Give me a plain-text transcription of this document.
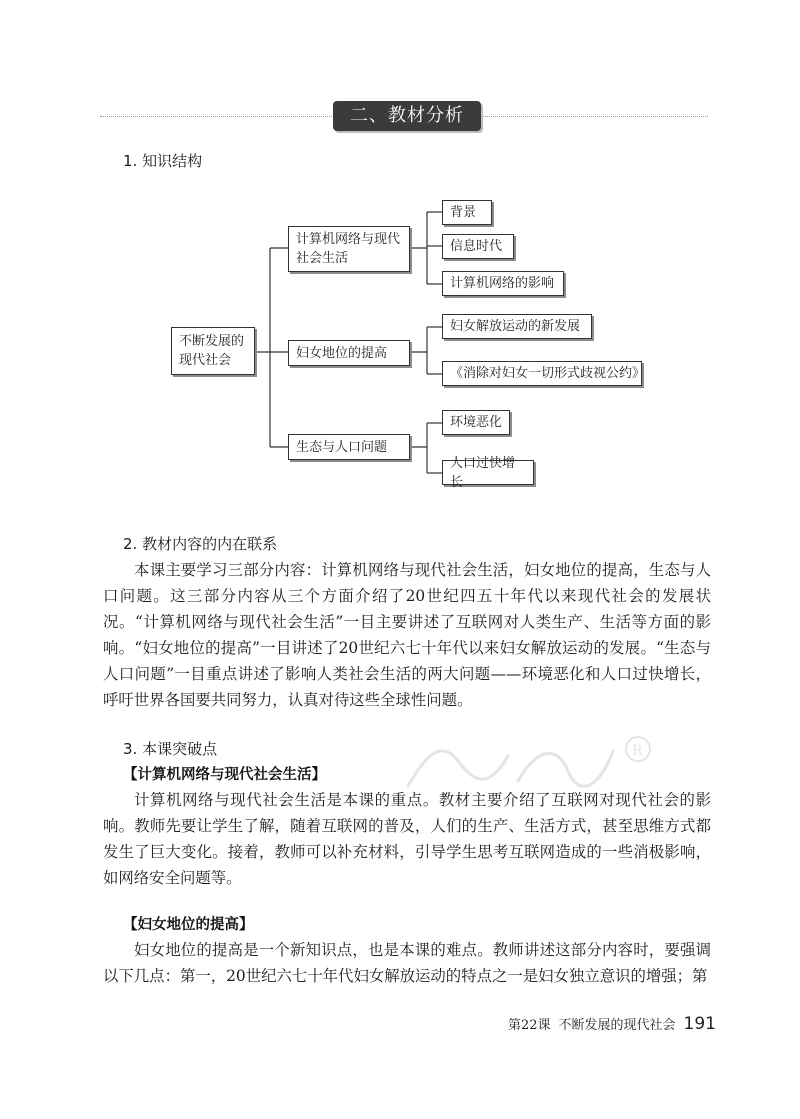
二、教材分析
1. 知识结构
不断发展的
现代社会
计算机网络与现代
社会生活
妇女地位的提高
生态与人口问题
背景
信息时代
计算机网络的影响
妇女解放运动的新发展
《消除对妇女一切形式歧视公约》
环境恶化
人口过快增长
2. 教材内容的内在联系

本课主要学习三部分内容：计算机网络与现代社会生活，妇女地位的提高，生态与人口问题。这三部分内容从三个方面介绍了20世纪四五十年代以来现代社会的发展状况。“计算机网络与现代社会生活”一目主要讲述了互联网对人类生产、生活等方面的影响。“妇女地位的提高”一目讲述了20世纪六七十年代以来妇女解放运动的发展。“生态与人口问题”一目重点讲述了影响人类社会生活的两大问题——环境恶化和人口过快增长，呼吁世界各国要共同努力，认真对待这些全球性问题。

R
3. 本课突破点
【计算机网络与现代社会生活】

计算机网络与现代社会生活是本课的重点。教材主要介绍了互联网对现代社会的影响。教师先要让学生了解，随着互联网的普及，人们的生产、生活方式，甚至思维方式都发生了巨大变化。接着，教师可以补充材料，引导学生思考互联网造成的一些消极影响，如网络安全问题等。

【妇女地位的提高】

妇女地位的提高是一个新知识点，也是本课的难点。教师讲述这部分内容时，要强调以下几点：第一，20世纪六七十年代妇女解放运动的特点之一是妇女独立意识的增强；第

第22课 不断发展的现代社会 191
